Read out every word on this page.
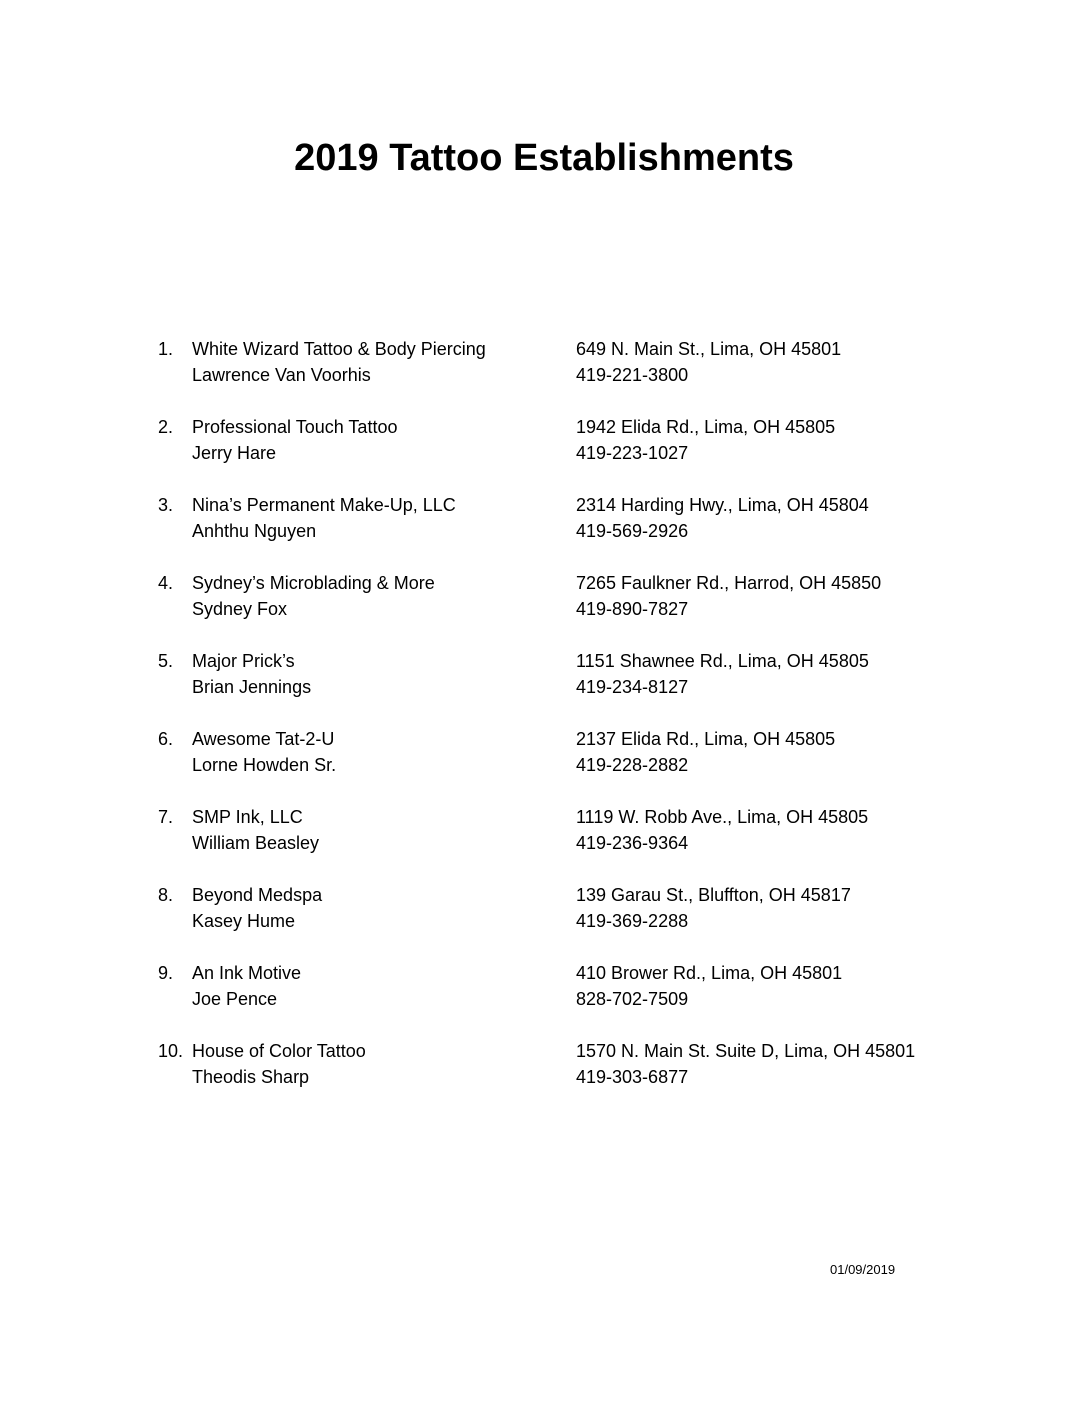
2019 Tattoo Establishments
1.	White Wizard Tattoo & Body Piercing
Lawrence Van Voorhis
649 N. Main St., Lima, OH 45801
419-221-3800
2.	Professional Touch Tattoo
Jerry Hare
1942 Elida Rd., Lima, OH 45805
419-223-1027
3.	Nina’s Permanent Make-Up, LLC
Anhthu Nguyen
2314 Harding Hwy., Lima, OH 45804
419-569-2926
4.	Sydney’s Microblading & More
Sydney Fox
7265 Faulkner Rd., Harrod, OH 45850
419-890-7827
5.	Major Prick’s
Brian Jennings
1151 Shawnee Rd., Lima, OH 45805
419-234-8127
6.	Awesome Tat-2-U
Lorne Howden Sr.
2137 Elida Rd., Lima, OH 45805
419-228-2882
7.	SMP Ink, LLC
William Beasley
1119 W. Robb Ave., Lima, OH 45805
419-236-9364
8.	Beyond Medspa
Kasey Hume
139 Garau St., Bluffton, OH 45817
419-369-2288
9.	An Ink Motive
Joe Pence
410 Brower Rd., Lima, OH 45801
828-702-7509
10. House of Color Tattoo
Theodis Sharp
1570 N. Main St. Suite D, Lima, OH 45801
419-303-6877
01/09/2019
